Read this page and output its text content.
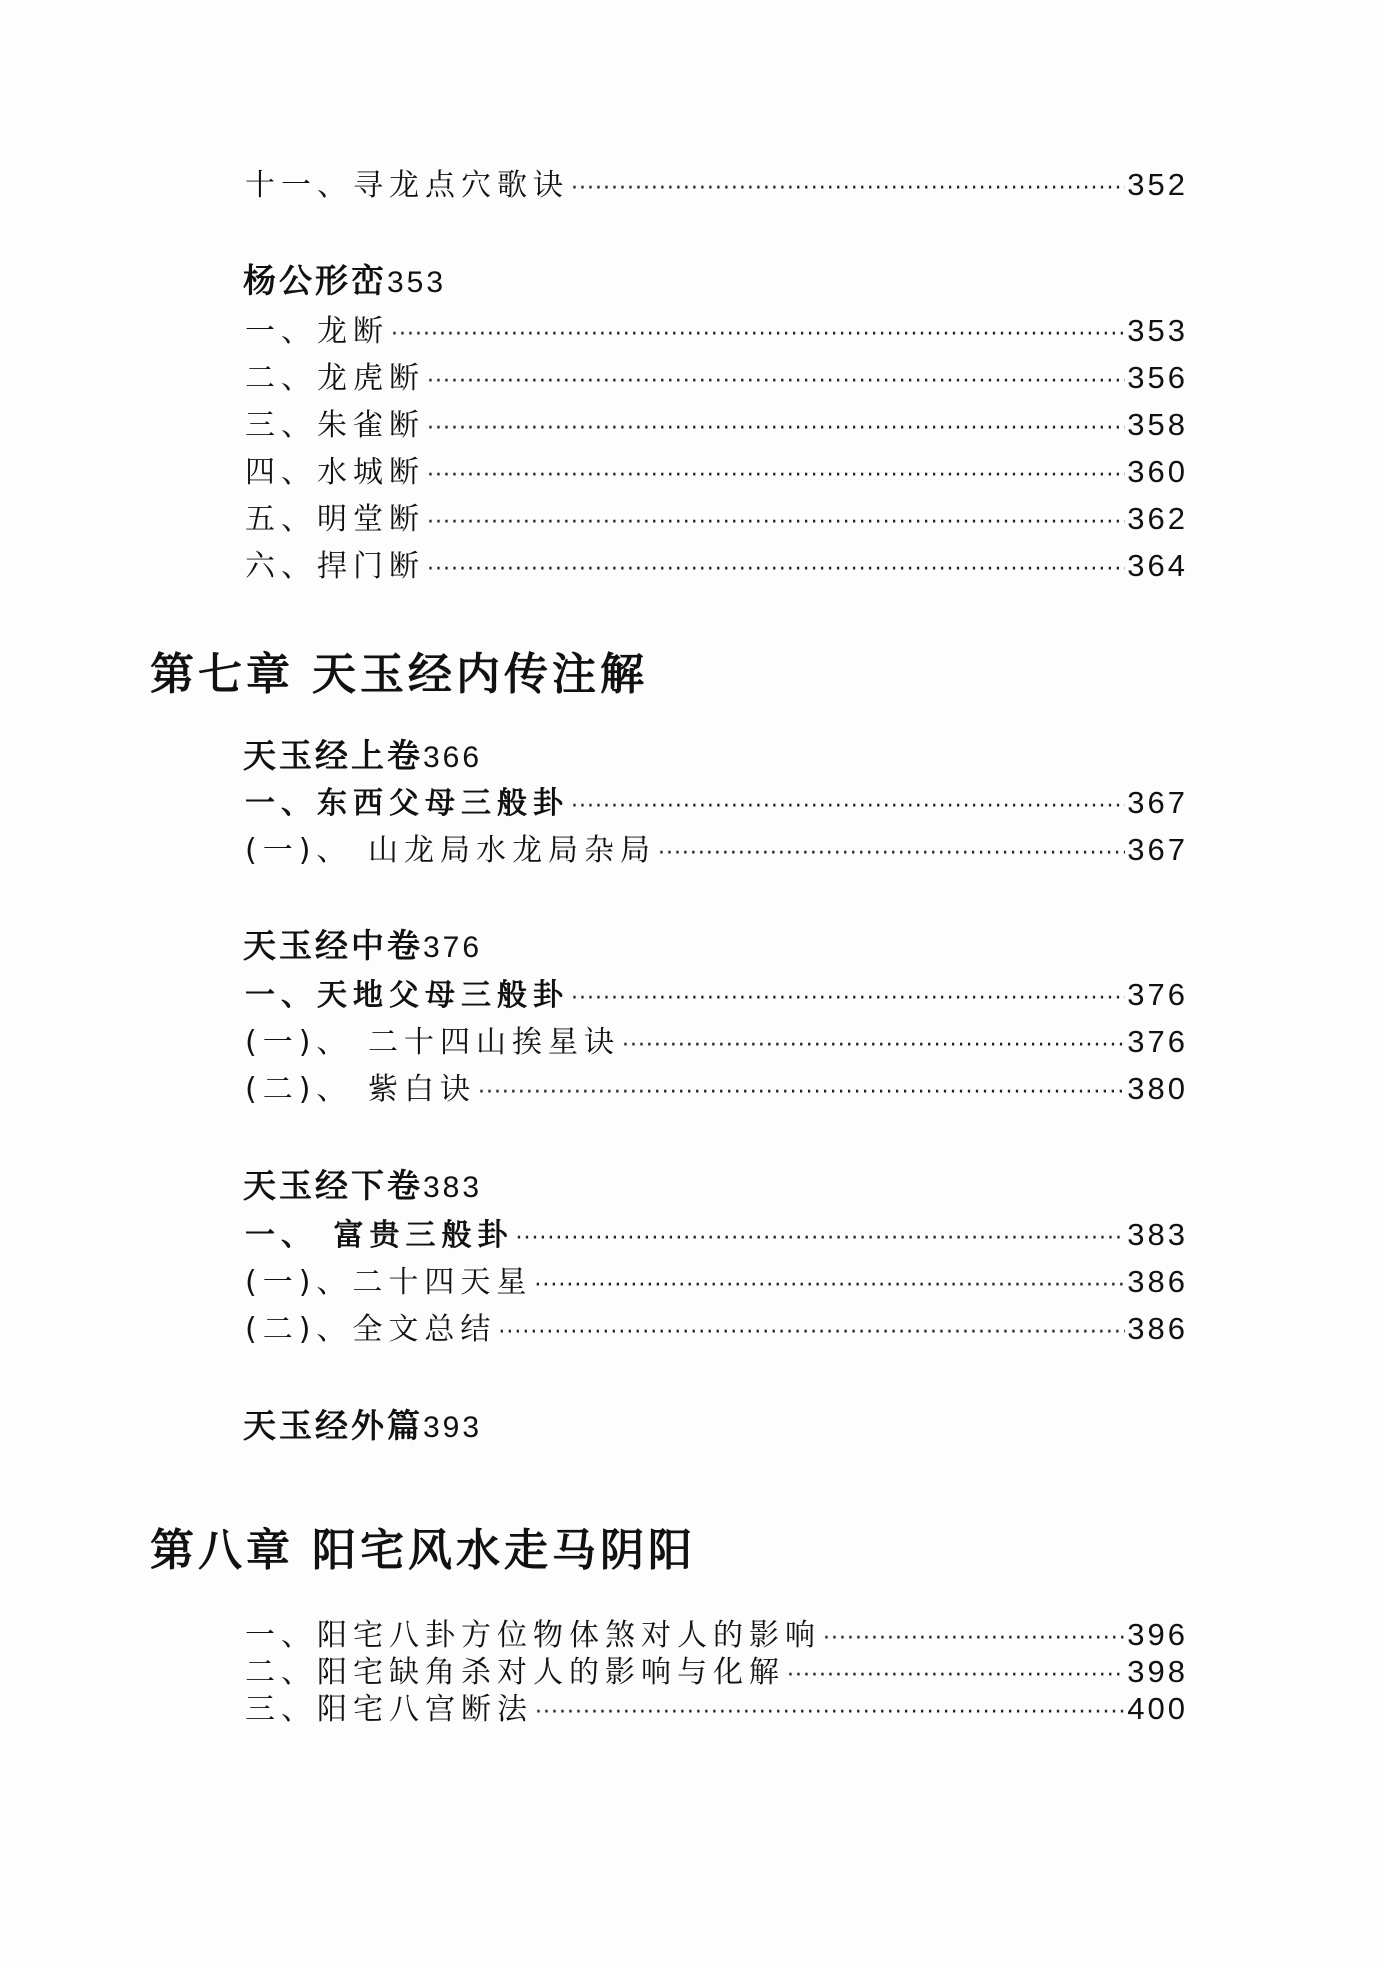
十一、寻龙点穴歌诀 ·····	352
杨公形峦 353
一、龙断 ·····	353
二、龙虎断 ·····	356
三、朱雀断 ·····	358
四、水城断 ·····	360
五、明堂断 ·····	362
六、捍门断 ·····	364
第七章 天玉经内传注解
天玉经上卷 366
一、东西父母三般卦 ·····	367
(一)、 山龙局水龙局杂局 ·····	367
天玉经中卷 376
一、天地父母三般卦 ·····	376
(一)、 二十四山挨星诀 ·····	376
(二)、 紫白诀 ·····	380
天玉经下卷 383
一、 富贵三般卦 ·····	383
(一)、二十四天星 ·····	386
(二)、全文总结 ·····	386
天玉经外篇 393
第八章 阳宅风水走马阴阳
一、阳宅八卦方位物体煞对人的影响 ·····	396
二、阳宅缺角杀对人的影响与化解 ·····	398
三、阳宅八宫断法 ·····	400
